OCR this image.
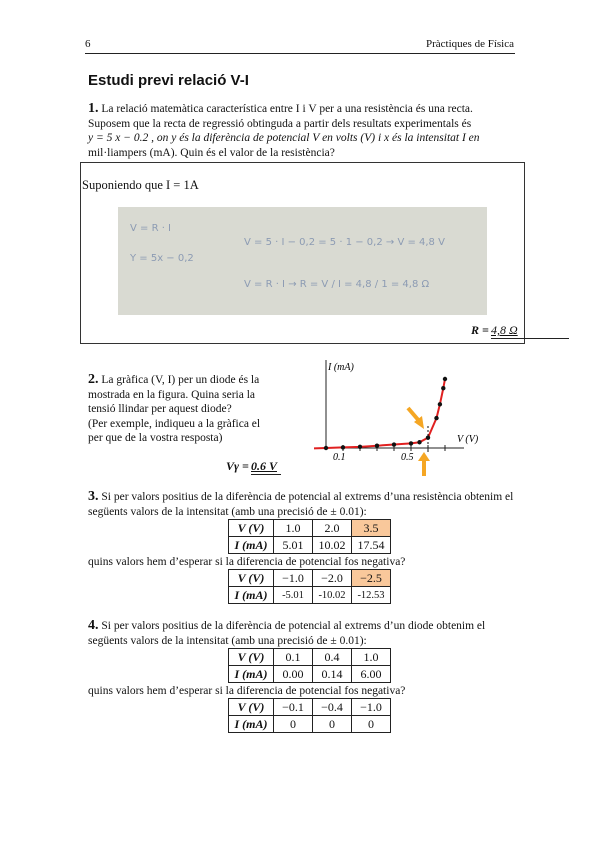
6	Pràctiques de Física
Estudi previ relació V-I
1. La relació matemàtica característica entre I i V per a una resistència és una recta.
Suposem que la recta de regressió obtinguda a partir dels resultats experimentals és
y = 5 x − 0.2 , on y és la diferència de potencial V en volts (V) i x és la intensitat I en
mil·liampers (mA). Quin és el valor de la resistència?
Suponiendo que I = 1A
V = R · I
Y = 5x − 0,2
V = 5 · I − 0,2 = 5 · 1 − 0,2 → V = 4,8 V
V = R · I → R = V / I = 4,8 / 1 = 4,8 Ω
R = 4,8 Ω
2. La gràfica (V, I) per un diode és la
mostrada en la figura. Quina seria la
tensió llindar per aquest diode?
(Per exemple, indiqueu a la gràfica el
per que de la vostra resposta)
Vγ = 0.6 V
I (mA)
V (V)
0.1	0.5
3. Si per valors positius de la diferència de potencial al extrems d’una resistència obtenim el
següents valors de la intensitat (amb una precisió de ± 0.01):
V (V)	1.0	2.0	3.5
I (mA)	5.01	10.02	17.54
quins valors hem d’esperar si la diferencia de potencial fos negativa?
V (V)	−1.0	−2.0	−2.5
I (mA)	-5.01	-10.02	-12.53
4. Si per valors positius de la diferència de potencial al extrems d’un diode obtenim el
següents valors de la intensitat (amb una precisió de ± 0.01):
V (V)	0.1	0.4	1.0
I (mA)	0.00	0.14	6.00
quins valors hem d’esperar si la diferencia de potencial fos negativa?
V (V)	−0.1	−0.4	−1.0
I (mA)	0	0	0
